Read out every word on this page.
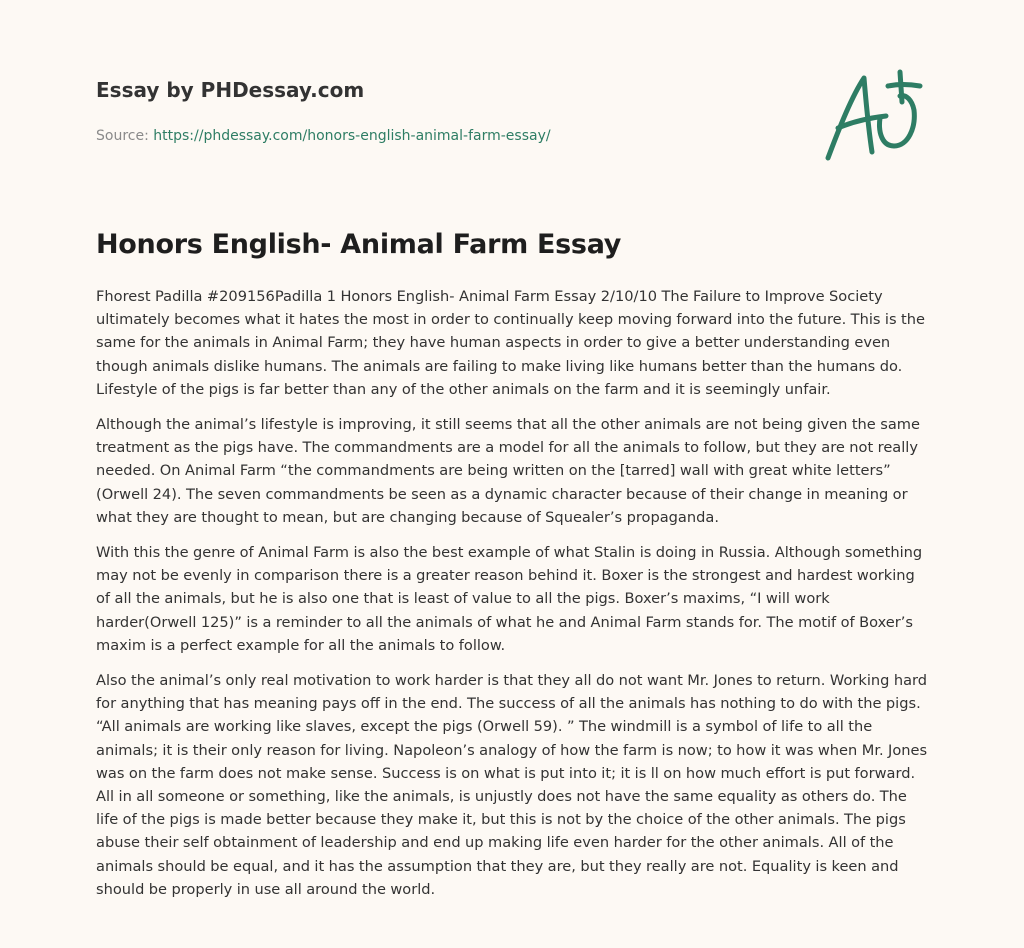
Essay by PHDessay.com
Source: https://phdessay.com/honors-english-animal-farm-essay/
Honors English- Animal Farm Essay

Fhorest Padilla #209156Padilla 1 Honors English- Animal Farm Essay 2/10/10 The Failure to Improve Society ultimately becomes what it hates the most in order to continually keep moving forward into the future. This is the same for the animals in Animal Farm; they have human aspects in order to give a better understanding even though animals dislike humans. The animals are failing to make living like humans better than the humans do. Lifestyle of the pigs is far better than any of the other animals on the farm and it is seemingly unfair.

Although the animal’s lifestyle is improving, it still seems that all the other animals are not being given the same treatment as the pigs have. The commandments are a model for all the animals to follow, but they are not really needed. On Animal Farm “the commandments are being written on the [tarred] wall with great white letters” (Orwell 24). The seven commandments be seen as a dynamic character because of their change in meaning or what they are thought to mean, but are changing because of Squealer’s propaganda.

With this the genre of Animal Farm is also the best example of what Stalin is doing in Russia. Although something may not be evenly in comparison there is a greater reason behind it. Boxer is the strongest and hardest working of all the animals, but he is also one that is least of value to all the pigs. Boxer’s maxims, “I will work harder(Orwell 125)” is a reminder to all the animals of what he and Animal Farm stands for. The motif of Boxer’s maxim is a perfect example for all the animals to follow.

Also the animal’s only real motivation to work harder is that they all do not want Mr. Jones to return. Working hard for anything that has meaning pays off in the end. The success of all the animals has nothing to do with the pigs. “All animals are working like slaves, except the pigs (Orwell 59). ” The windmill is a symbol of life to all the animals; it is their only reason for living. Napoleon’s analogy of how the farm is now; to how it was when Mr. Jones was on the farm does not make sense. Success is on what is put into it; it is ll on how much effort is put forward. All in all someone or something, like the animals, is unjustly does not have the same equality as others do. The life of the pigs is made better because they make it, but this is not by the choice of the other animals. The pigs abuse their self obtainment of leadership and end up making life even harder for the other animals. All of the animals should be equal, and it has the assumption that they are, but they really are not. Equality is keen and should be properly in use all around the world.
